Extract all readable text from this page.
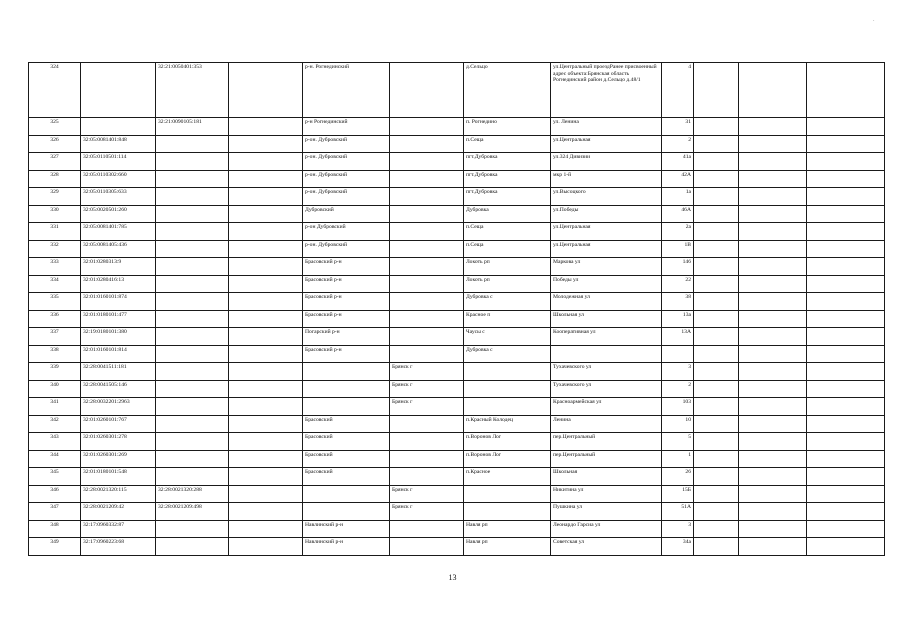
.
324		32:21:0050401:353		р-н. Рогнединский		д.Сельцо	ул.Центральный проездРанее присвоенный адрес объекта:Брянская область Рогнединский район д.Сельцо д.48/1	4			
325		32:21:0090105:181		р-н Рогнединский		п. Рогнедино	ул. Ленина	31			
326	32:05:0081401:848			р-он. Дубровский		п.Сеща	ул.Центральная	2			
327	32:05:0110501:114			р-он. Дубровский		пгт.Дубровка	ул.324 Дивизии	41а			
328	32:05:0110302:660			р-он. Дубровский		пгт.Дубровка	мкр 1-й	42А			
329	32:05:0110305:633			р-он. Дубровский		пгт.Дубровка	ул.Высоцкого	1а			
330	32:05:0020501:260			Дубровский		Дубровка	ул.Победы	46А			
331	32:05:0081401:785			р-он Дубровский		п.Сеща	ул.Центральная	2а			
332	32:05:0081405:436			р-он. Дубровский		п.Сеща	ул.Центральная	1В			
333	32:01:0280313:9			Брасовский р-н		Локоть рп	Маркова ул	146			
334	32:01:0280416:13			Брасовский р-н		Локоть рп	Победы ул	22			
335	32:01:0160101:874			Брасовский р-н		Дубровка с	Молодежная ул	38			
336	32:01:0180101:477			Брасовский р-н		Красное п	Школьная ул	13а			
337	32:19:0180101:380			Погарский р-н		Чаусы с	Кооперативная ул	13А			
338	32:01:0160101:814			Брасовский р-н		Дубровка с					
339	32:28:0041511:181				Брянск г		Тухачевского ул	3			
340	32:28:0041505:146				Брянск г		Тухачевского ул	2			
341	32:28:0032201:2963				Брянск г		Красноармейская ул	103			
342	32:01:0260101:767			Брасовский		п.Красный Колодец	Ленина	10			
343	32:01:0260301:278			Брасовский		п.Воронов Лог	пер.Центральный	5			
344	32:01:0260301:269			Брасовский		п.Воронов Лог	пер.Центральный	1			
345	32:01:0180101:548			Брасовский		п.Красное	Школьная	26			
346	32:28:0021320:115	32:28:0021320:288			Брянск г		Никитина ул	15Б			
347	32:28:0021209:42	32:28:0021209:498			Брянск г		Пушкина ул	51А			
348	32:17:0960332:87			Навлинский р-н		Навля рп	Леонардо Гарсиа ул	3			
349	32:17:0960223:68			Навлинский р-н		Навля рп	Советская ул	34а			
13
